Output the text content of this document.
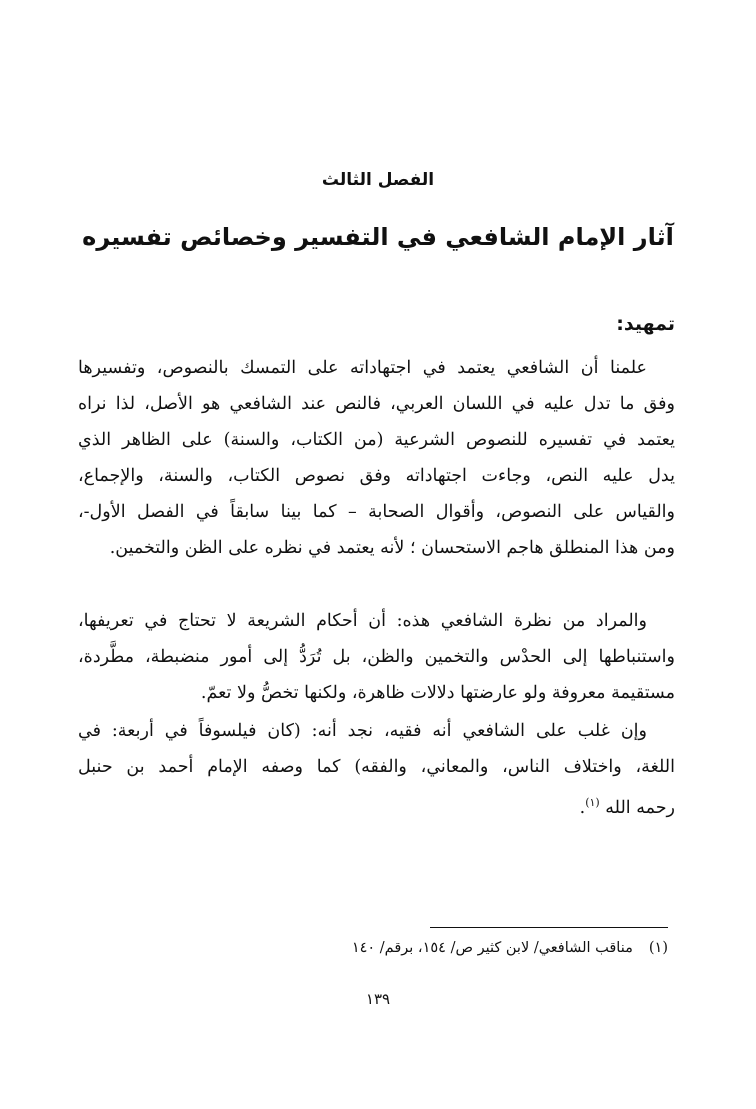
الفصل الثالث
آثار الإمام الشافعي في التفسير وخصائص تفسيره
تمهيد:
علمنا أن الشافعي يعتمد في اجتهاداته على التمسك بالنصوص، وتفسيرها
وفق ما تدل عليه في اللسان العربي، فالنص عند الشافعي هو الأصل، لذا نراه
يعتمد في تفسيره للنصوص الشرعية (من الكتاب، والسنة) على الظاهر الذي
يدل عليه النص، وجاءت اجتهاداته وفق نصوص الكتاب، والسنة، والإجماع،
والقياس على النصوص، وأقوال الصحابة – كما بينا سابقاً في الفصل الأول-،
ومن هذا المنطلق هاجم الاستحسان ؛ لأنه يعتمد في نظره على الظن والتخمين.
والمراد من نظرة الشافعي هذه: أن أحكام الشريعة لا تحتاج في تعريفها،
واستنباطها إلى الحدْس والتخمين والظن، بل تُرَدُّ إلى أمور منضبطة، مطَّردة،
مستقيمة معروفة ولو عارضتها دلالات ظاهرة، ولكنها تخصُّ ولا تعمّ.
وإن غلب على الشافعي أنه فقيه، نجد أنه: (كان فيلسوفاً في أربعة: في
اللغة، واختلاف الناس، والمعاني، والفقه) كما وصفه الإمام أحمد بن حنبل
رحمه الله $^{(١)}$.
(١)مناقب الشافعي/ لابن كثير ص/ ١٥٤، برقم/ ١٤٠
١٣٩
